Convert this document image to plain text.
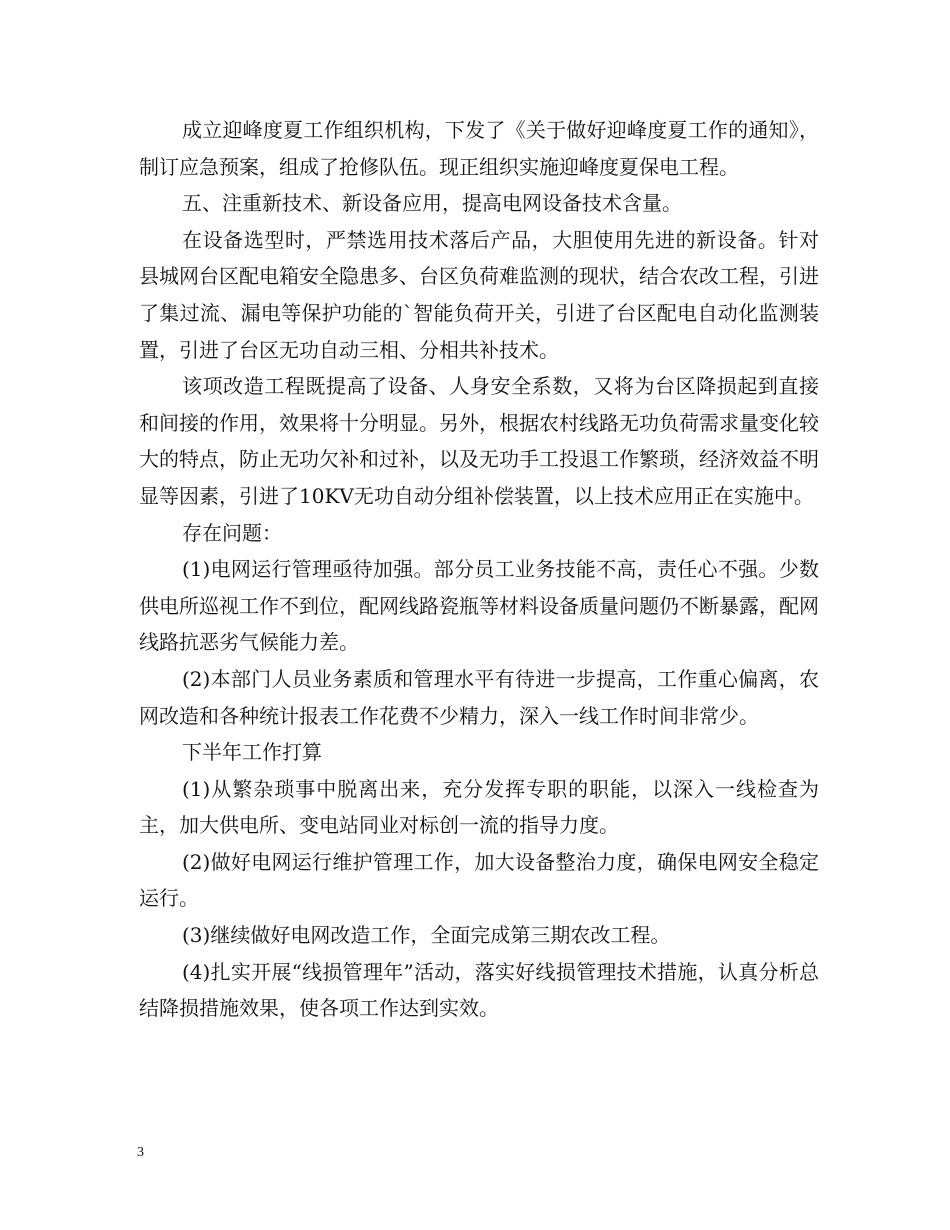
成立迎峰度夏工作组织机构，下发了《关于做好迎峰度夏工作的通知》，制订应急预案，组成了抢修队伍。现正组织实施迎峰度夏保电工程。

五、注重新技术、新设备应用，提高电网设备技术含量。

在设备选型时，严禁选用技术落后产品，大胆使用先进的新设备。针对县城网台区配电箱安全隐患多、台区负荷难监测的现状，结合农改工程，引进了集过流、漏电等保护功能的`智能负荷开关，引进了台区配电自动化监测装置，引进了台区无功自动三相、分相共补技术。

该项改造工程既提高了设备、人身安全系数，又将为台区降损起到直接和间接的作用，效果将十分明显。另外，根据农村线路无功负荷需求量变化较大的特点，防止无功欠补和过补，以及无功手工投退工作繁琐，经济效益不明显等因素，引进了10KV无功自动分组补偿装置，以上技术应用正在实施中。

存在问题：

(1)电网运行管理亟待加强。部分员工业务技能不高，责任心不强。少数供电所巡视工作不到位，配网线路瓷瓶等材料设备质量问题仍不断暴露，配网线路抗恶劣气候能力差。

(2)本部门人员业务素质和管理水平有待进一步提高，工作重心偏离，农网改造和各种统计报表工作花费不少精力，深入一线工作时间非常少。

下半年工作打算

(1)从繁杂琐事中脱离出来，充分发挥专职的职能，以深入一线检查为主，加大供电所、变电站同业对标创一流的指导力度。

(2)做好电网运行维护管理工作，加大设备整治力度，确保电网安全稳定运行。

(3)继续做好电网改造工作，全面完成第三期农改工程。

(4)扎实开展“线损管理年”活动，落实好线损管理技术措施，认真分析总结降损措施效果，使各项工作达到实效。

3
